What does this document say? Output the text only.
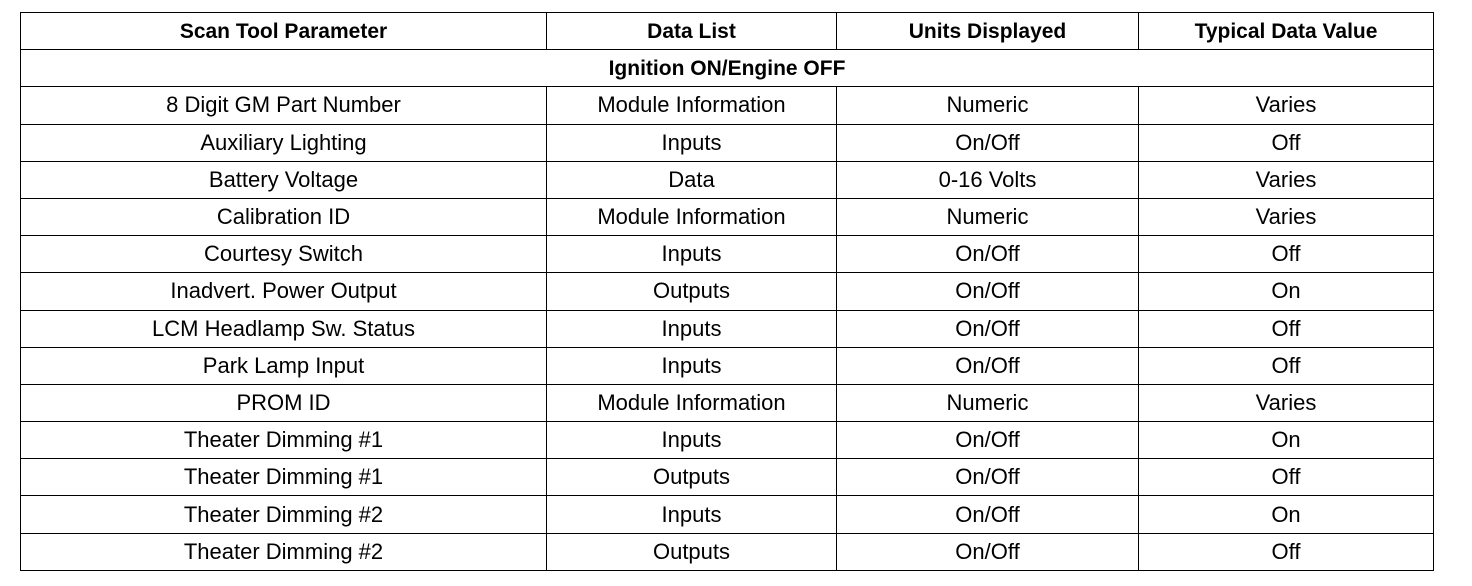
Scan Tool Parameter	Data List	Units Displayed	Typical Data Value
Ignition ON/Engine OFF			
8 Digit GM Part Number	Module Information	Numeric	Varies
Auxiliary Lighting	Inputs	On/Off	Off
Battery Voltage	Data	0-16 Volts	Varies
Calibration ID	Module Information	Numeric	Varies
Courtesy Switch	Inputs	On/Off	Off
Inadvert. Power Output	Outputs	On/Off	On
LCM Headlamp Sw. Status	Inputs	On/Off	Off
Park Lamp Input	Inputs	On/Off	Off
PROM ID	Module Information	Numeric	Varies
Theater Dimming #1	Inputs	On/Off	On
Theater Dimming #1	Outputs	On/Off	Off
Theater Dimming #2	Inputs	On/Off	On
Theater Dimming #2	Outputs	On/Off	Off
